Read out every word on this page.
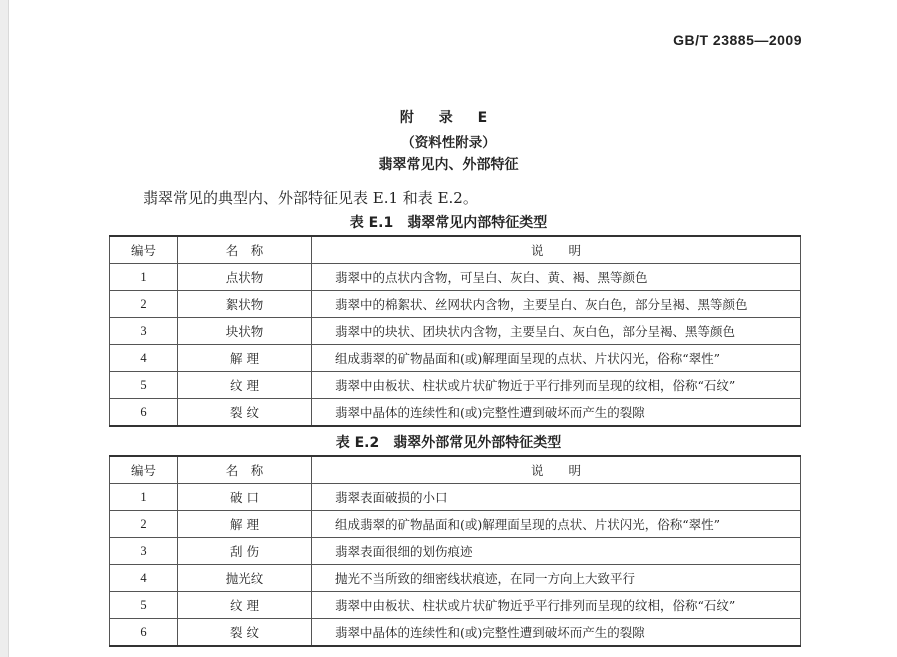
GB/T 23885—2009
附 录 E
（资料性附录）
翡翠常见内、外部特征
翡翠常见的典型内、外部特征见表 E.1 和表 E.2。
表 E.1　翡翠常见内部特征类型
编号	名　称	说　　明
1	点状物	翡翠中的点状内含物，可呈白、灰白、黄、褐、黑等颜色
2	絮状物	翡翠中的棉絮状、丝网状内含物，主要呈白、灰白色，部分呈褐、黑等颜色
3	块状物	翡翠中的块状、团块状内含物，主要呈白、灰白色，部分呈褐、黑等颜色
4	解 理	组成翡翠的矿物晶面和(或)解理面呈现的点状、片状闪光，俗称“翠性”
5	纹 理	翡翠中由板状、柱状或片状矿物近于平行排列而呈现的纹相，俗称“石纹”
6	裂 纹	翡翠中晶体的连续性和(或)完整性遭到破坏而产生的裂隙
表 E.2　翡翠外部常见外部特征类型
编号	名　称	说　　明
1	破 口	翡翠表面破损的小口
2	解 理	组成翡翠的矿物晶面和(或)解理面呈现的点状、片状闪光，俗称“翠性”
3	刮 伤	翡翠表面很细的划伤痕迹
4	抛光纹	抛光不当所致的细密线状痕迹，在同一方向上大致平行
5	纹 理	翡翠中由板状、柱状或片状矿物近乎平行排列而呈现的纹相，俗称“石纹”
6	裂 纹	翡翠中晶体的连续性和(或)完整性遭到破坏而产生的裂隙
